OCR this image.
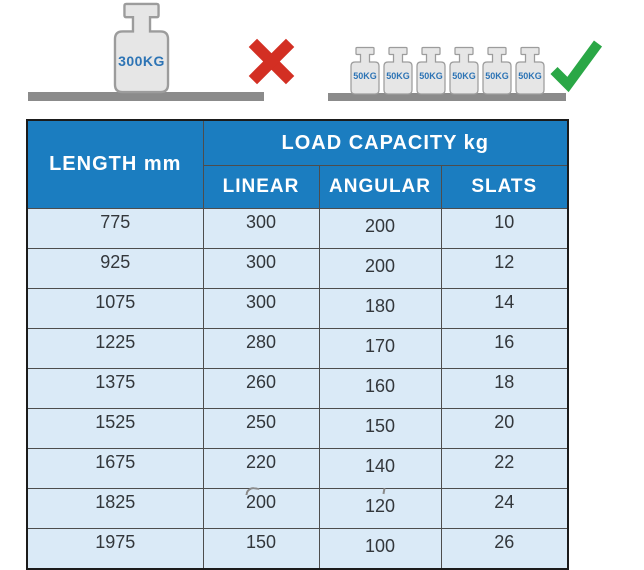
300KG
50KG	50KG	50KG	50KG	50KG	50KG
LENGTH mm	LOAD CAPACITY kg		
	LINEAR	ANGULAR	SLATS
775	300	200	10
925	300	200	12
1075	300	180	14
1225	280	170	16
1375	260	160	18
1525	250	150	20
1675	220	140	22
1825	200	120	24
1975	150	100	26
